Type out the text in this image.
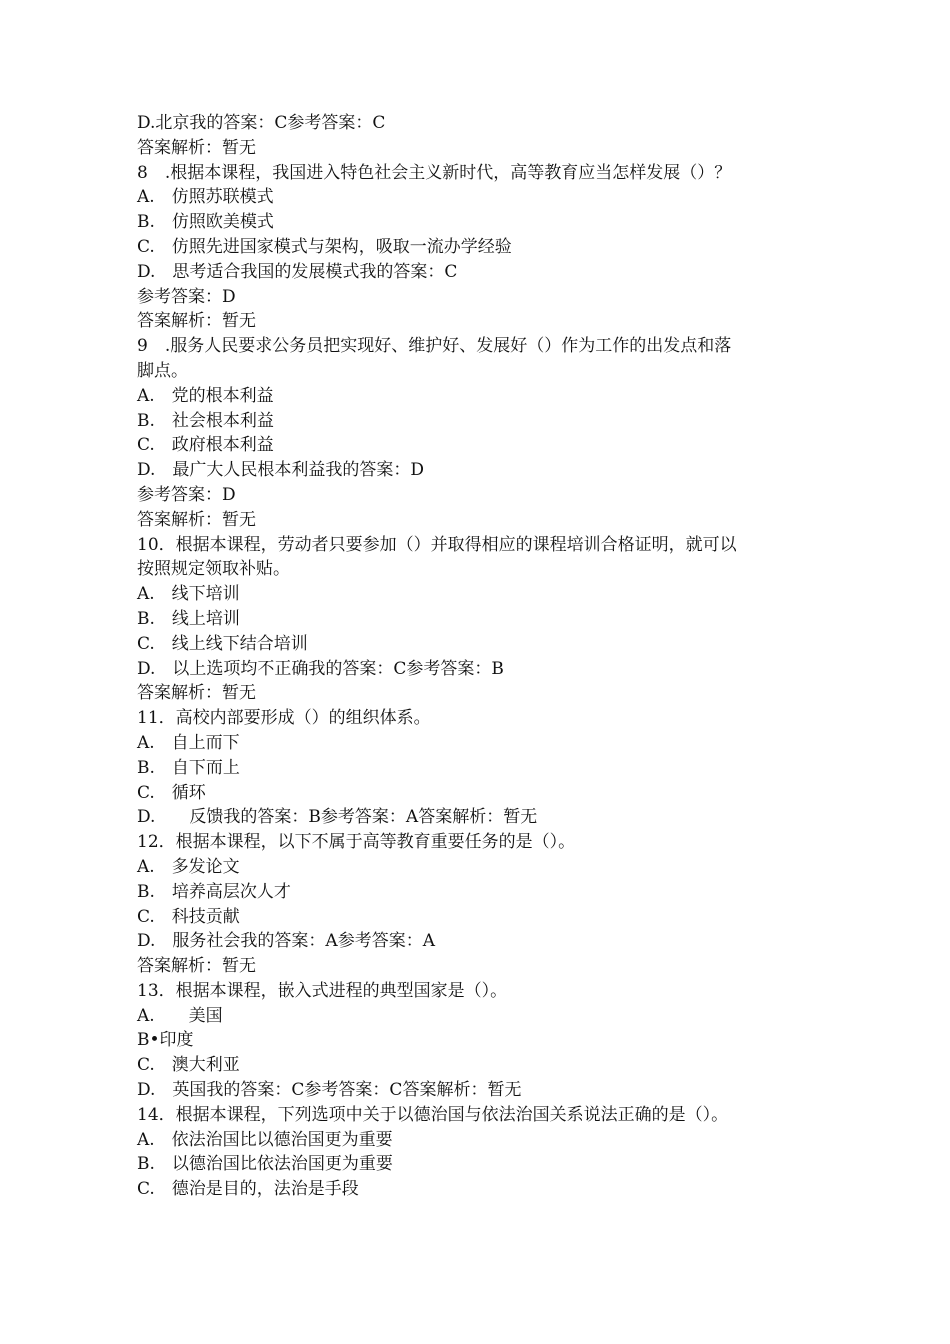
D.北京我的答案：C参考答案：C
答案解析：暂无
8　.根据本课程，我国进入特色社会主义新时代，高等教育应当怎样发展（）？
A.　仿照苏联模式
B.　仿照欧美模式
C.　仿照先进国家模式与架构，吸取一流办学经验
D.　思考适合我国的发展模式我的答案：C
参考答案：D
答案解析：暂无
9　.服务人民要求公务员把实现好、维护好、发展好（）作为工作的出发点和落
脚点。
A.　党的根本利益
B.　社会根本利益
C.　政府根本利益
D.　最广大人民根本利益我的答案：D
参考答案：D
答案解析：暂无
10．根据本课程，劳动者只要参加（）并取得相应的课程培训合格证明，就可以
按照规定领取补贴。
A.　线下培训
B.　线上培训
C.　线上线下结合培训
D.　以上选项均不正确我的答案：C参考答案：B
答案解析：暂无
11．高校内部要形成（）的组织体系。
A.　自上而下
B.　自下而上
C.　循环
D.　　反馈我的答案：B参考答案：A答案解析：暂无
12．根据本课程，以下不属于高等教育重要任务的是（）。
A.　多发论文
B.　培养高层次人才
C.　科技贡献
D.　服务社会我的答案：A参考答案：A
答案解析：暂无
13．根据本课程，嵌入式进程的典型国家是（）。
A.　　美国
B•印度
C.　澳大利亚
D.　英国我的答案：C参考答案：C答案解析：暂无
14．根据本课程，下列选项中关于以德治国与依法治国关系说法正确的是（）。
A.　依法治国比以德治国更为重要
B.　以德治国比依法治国更为重要
C.　德治是目的，法治是手段
